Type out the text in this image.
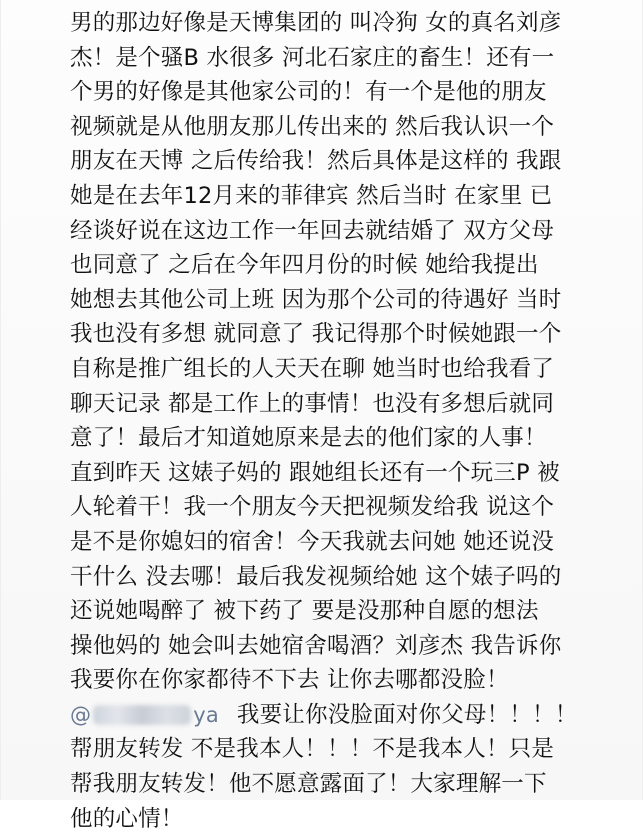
男的那边好像是天博集团的 叫冷狗 女的真名刘彦
杰！是个骚B 水很多 河北石家庄的畜生！还有一
个男的好像是其他家公司的！有一个是他的朋友
视频就是从他朋友那儿传出来的 然后我认识一个
朋友在天博 之后传给我！然后具体是这样的 我跟
她是在去年12月来的菲律宾 然后当时 在家里 已
经谈好说在这边工作一年回去就结婚了 双方父母
也同意了 之后在今年四月份的时候 她给我提出
她想去其他公司上班 因为那个公司的待遇好 当时
我也没有多想 就同意了 我记得那个时候她跟一个
自称是推广组长的人天天在聊 她当时也给我看了
聊天记录 都是工作上的事情！也没有多想后就同
意了！最后才知道她原来是去的他们家的人事！
直到昨天 这婊子妈的 跟她组长还有一个玩三P 被
人轮着干！我一个朋友今天把视频发给我 说这个
是不是你媳妇的宿舍！今天我就去问她 她还说没
干什么 没去哪！最后我发视频给她 这个婊子吗的
还说她喝醉了 被下药了 要是没那种自愿的想法
操他妈的 她会叫去她宿舍喝酒？刘彦杰 我告诉你
我要你在你家都待不下去 让你去哪都没脸！
@	ya 我要让你没脸面对你父母！！！！
帮朋友转发 不是我本人！！！不是我本人！只是
帮我朋友转发！他不愿意露面了！大家理解一下
他的心情！
